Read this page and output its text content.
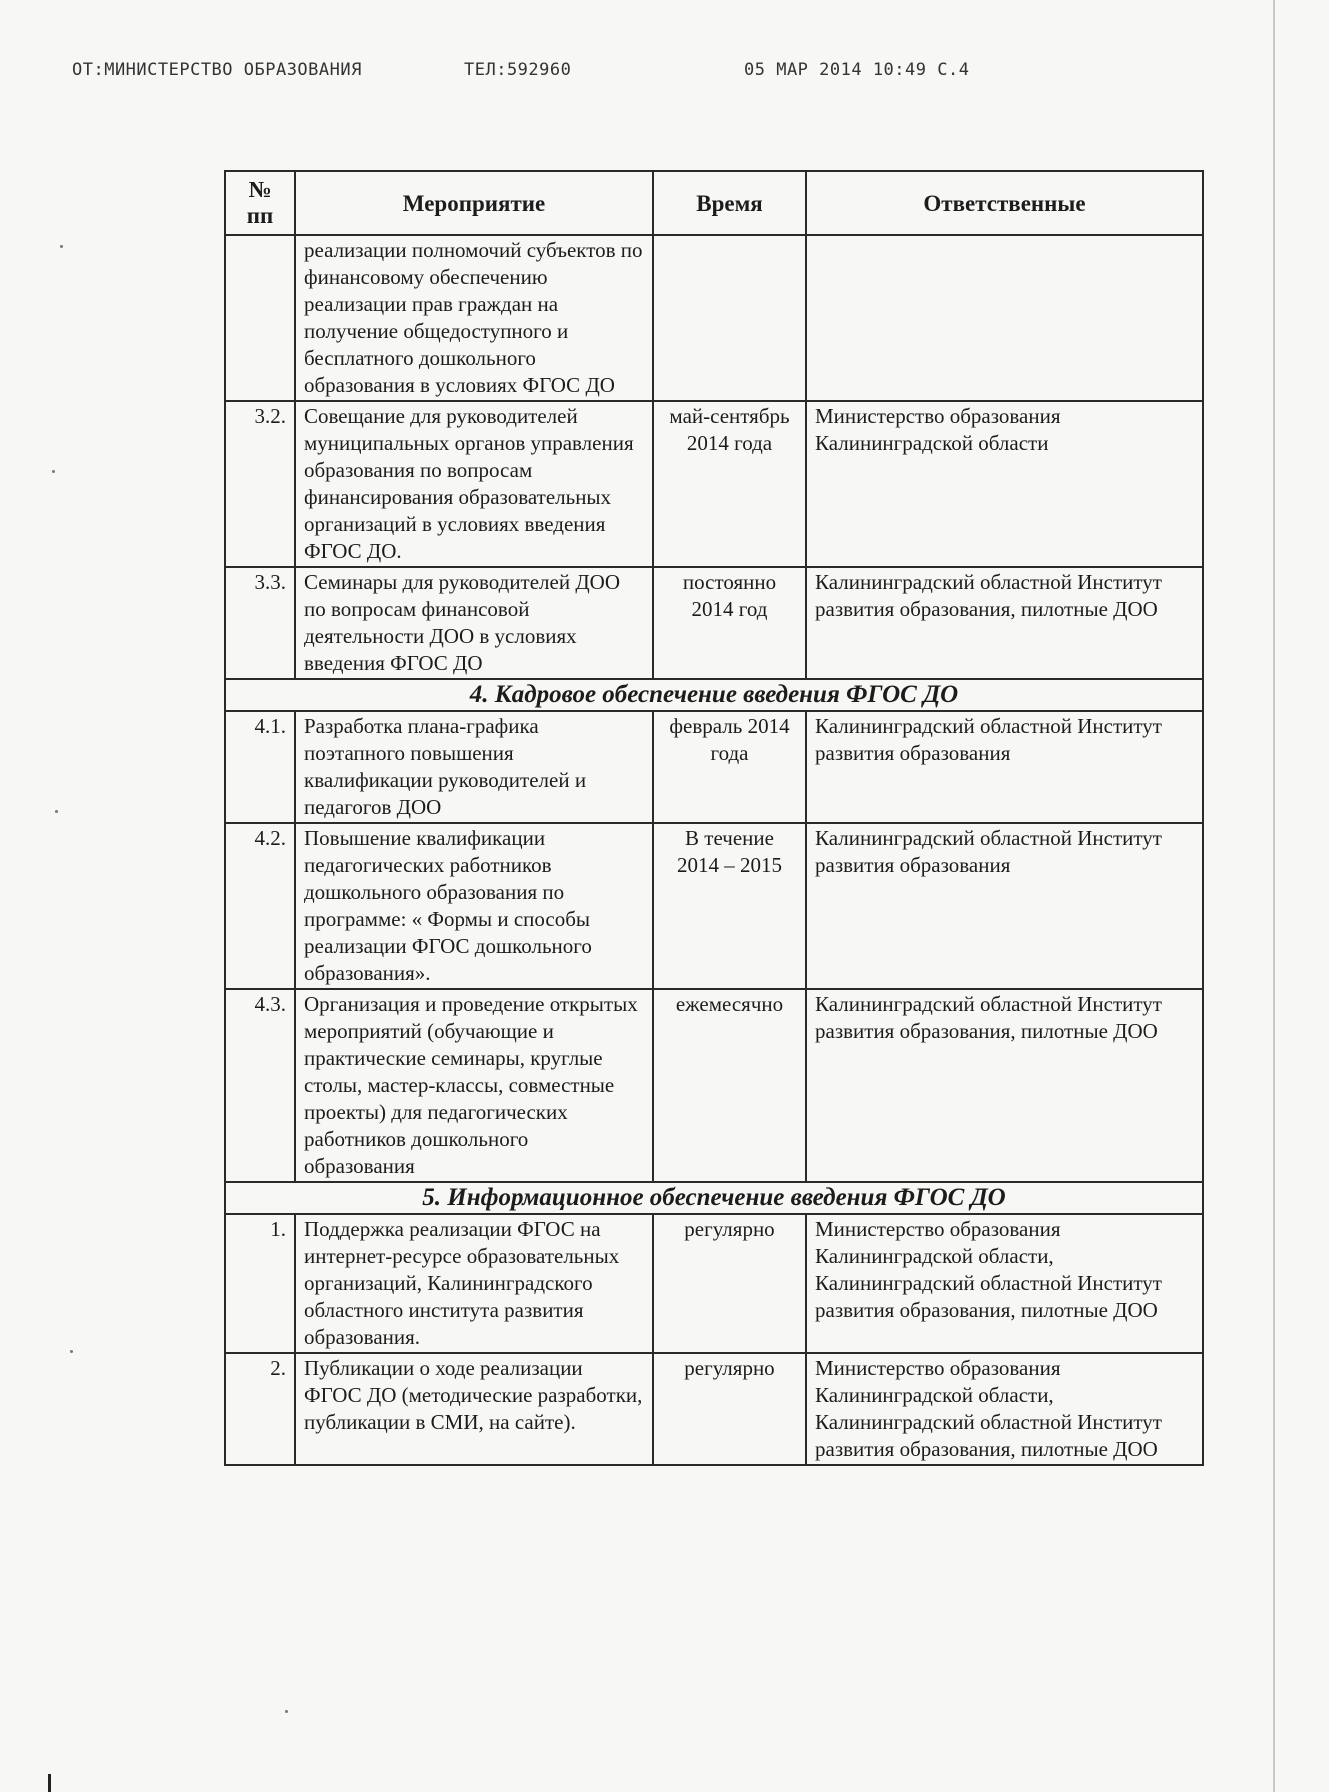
ОТ:МИНИСТЕРСТВО ОБРАЗОВАНИЯ	ТЕЛ:592960	05 МАР 2014 10:49 С.4
№
пп	Мероприятие	Время	Ответственные
	реализации полномочий субъектов по финансовому обеспечению реализации прав граждан на получение общедоступного и бесплатного дошкольного образования в условиях ФГОС ДО		
3.2.	Совещание для руководителей муниципальных органов управления образования по вопросам финансирования образовательных организаций в условиях введения ФГОС ДО.	май-сентябрь 2014 года	Министерство образования Калининградской области
3.3.	Семинары для руководителей ДОО по вопросам финансовой деятельности ДОО в условиях введения ФГОС ДО	постоянно 2014 год	Калининградский областной Институт развития образования, пилотные ДОО
4. Кадровое обеспечение введения ФГОС ДО			
4.1.	Разработка плана-графика поэтапного повышения квалификации руководителей и педагогов ДОО	февраль 2014 года	Калининградский областной Институт развития образования
4.2.	Повышение квалификации педагогических работников дошкольного образования по программе: « Формы и способы реализации ФГОС дошкольного образования».	В течение 2014 – 2015	Калининградский областной Институт развития образования
4.3.	Организация и проведение открытых мероприятий (обучающие и практические семинары, круглые столы, мастер-классы, совместные проекты) для педагогических работников дошкольного образования	ежемесячно	Калининградский областной Институт развития образования, пилотные ДОО
5. Информационное обеспечение введения ФГОС ДО			
1.	Поддержка реализации ФГОС на интернет-ресурсе образовательных организаций, Калининградского областного института развития образования.	регулярно	Министерство образования Калининградской области, Калининградский областной Институт развития образования, пилотные ДОО
2.	Публикации о ходе реализации ФГОС ДО (методические разработки, публикации в СМИ, на сайте).	регулярно	Министерство образования Калининградской области, Калининградский областной Институт развития образования, пилотные ДОО
